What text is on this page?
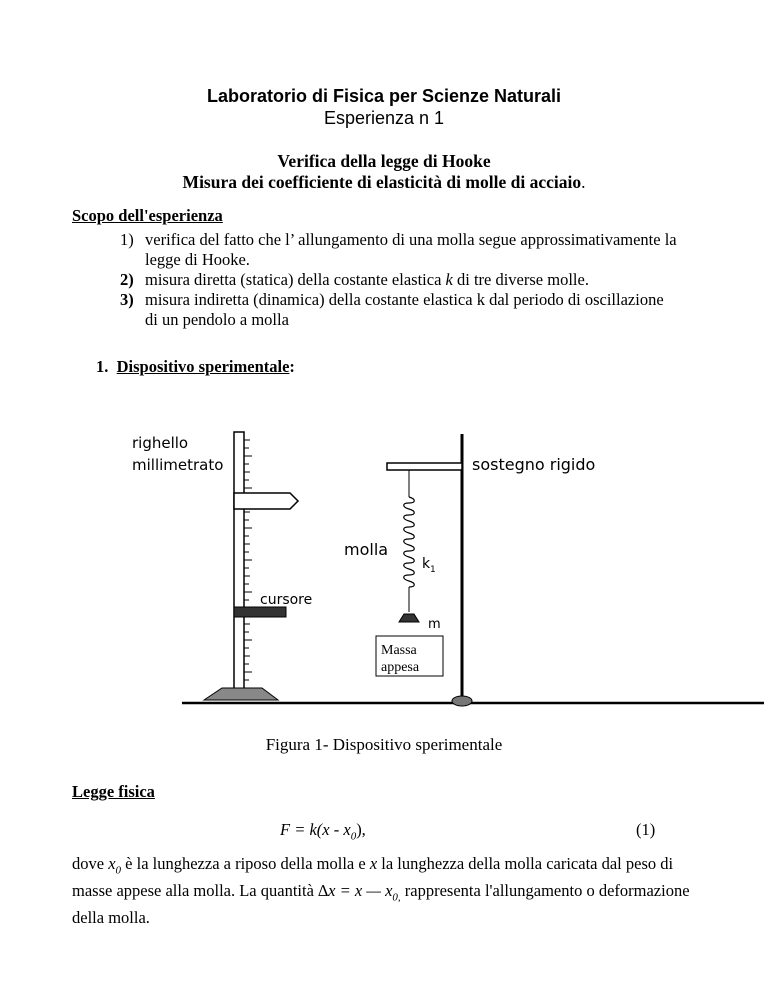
Laboratorio di Fisica per Scienze Naturali
Esperienza n 1
Verifica della legge di Hooke
Misura dei coefficiente di elasticità di molle di acciaio.
Scopo dell'esperienza
1) verifica del fatto che l’ allungamento di una molla segue approssimativamente la legge di Hooke.
2) misura diretta (statica) della costante elastica k di tre diverse molle.
3) misura indiretta (dinamica) della costante elastica k dal periodo di oscillazione di un pendolo a molla
1. Dispositivo sperimentale:
righello
millimetrato	sostegno rigido
molla
k 1
cursore
m
Massa
appesa
Figura 1- Dispositivo sperimentale
Legge fisica
$F = k(x - x_0)$,	(1)
dove $x_0$ è la lunghezza a riposo della molla e x la lunghezza della molla caricata dal peso di masse appese alla molla. La quantità ∆x = x — $x_{0,}$ rappresenta l'allungamento o deformazione della molla.
